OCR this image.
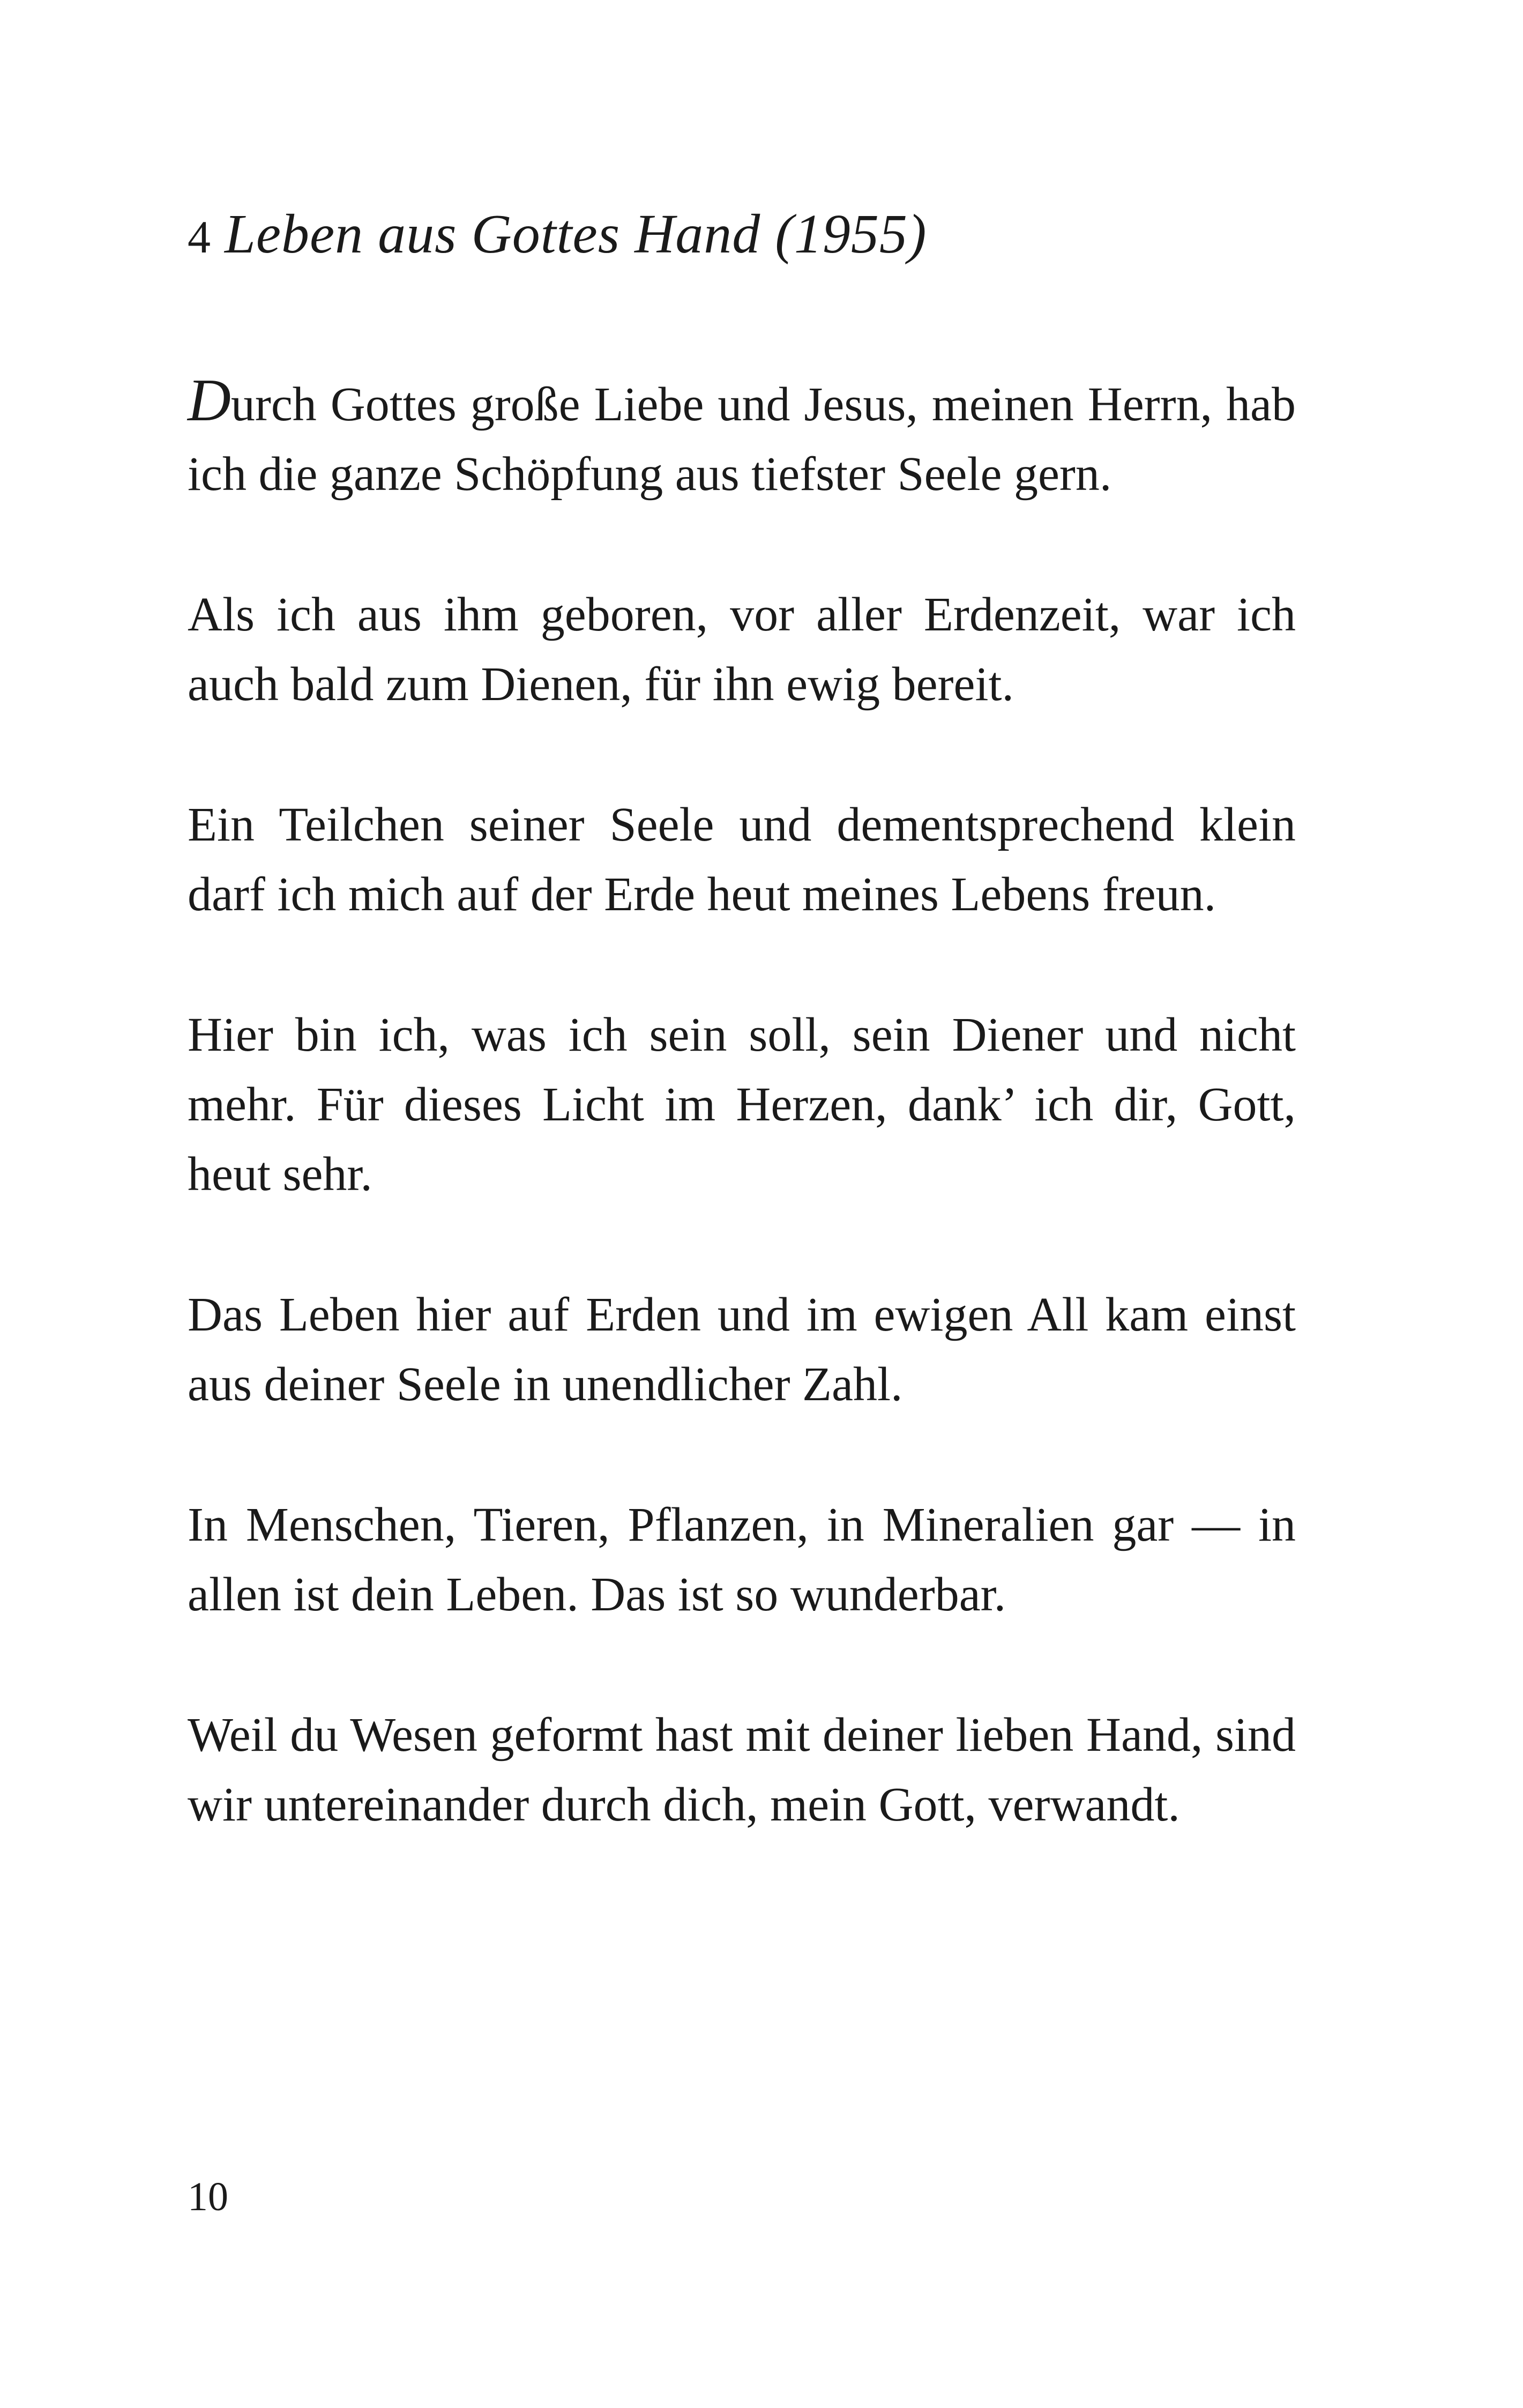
4 Leben aus Gottes Hand (1955)

Durch Gottes große Liebe und Jesus, meinen Herrn, hab ich die ganze Schöpfung aus tiefster Seele gern.

Als ich aus ihm geboren, vor aller Erdenzeit, war ich auch bald zum Dienen, für ihn ewig bereit.

Ein Teilchen seiner Seele und dementsprechend klein darf ich mich auf der Erde heut meines Lebens freun.

Hier bin ich, was ich sein soll, sein Diener und nicht mehr. Für dieses Licht im Herzen, dank’ ich dir, Gott, heut sehr.

Das Leben hier auf Erden und im ewigen All kam einst aus deiner Seele in unendlicher Zahl.

In Menschen, Tieren, Pflanzen, in Mineralien gar — in allen ist dein Leben. Das ist so wunderbar.

Weil du Wesen geformt hast mit deiner lieben Hand, sind wir untereinander durch dich, mein Gott, verwandt.

10
